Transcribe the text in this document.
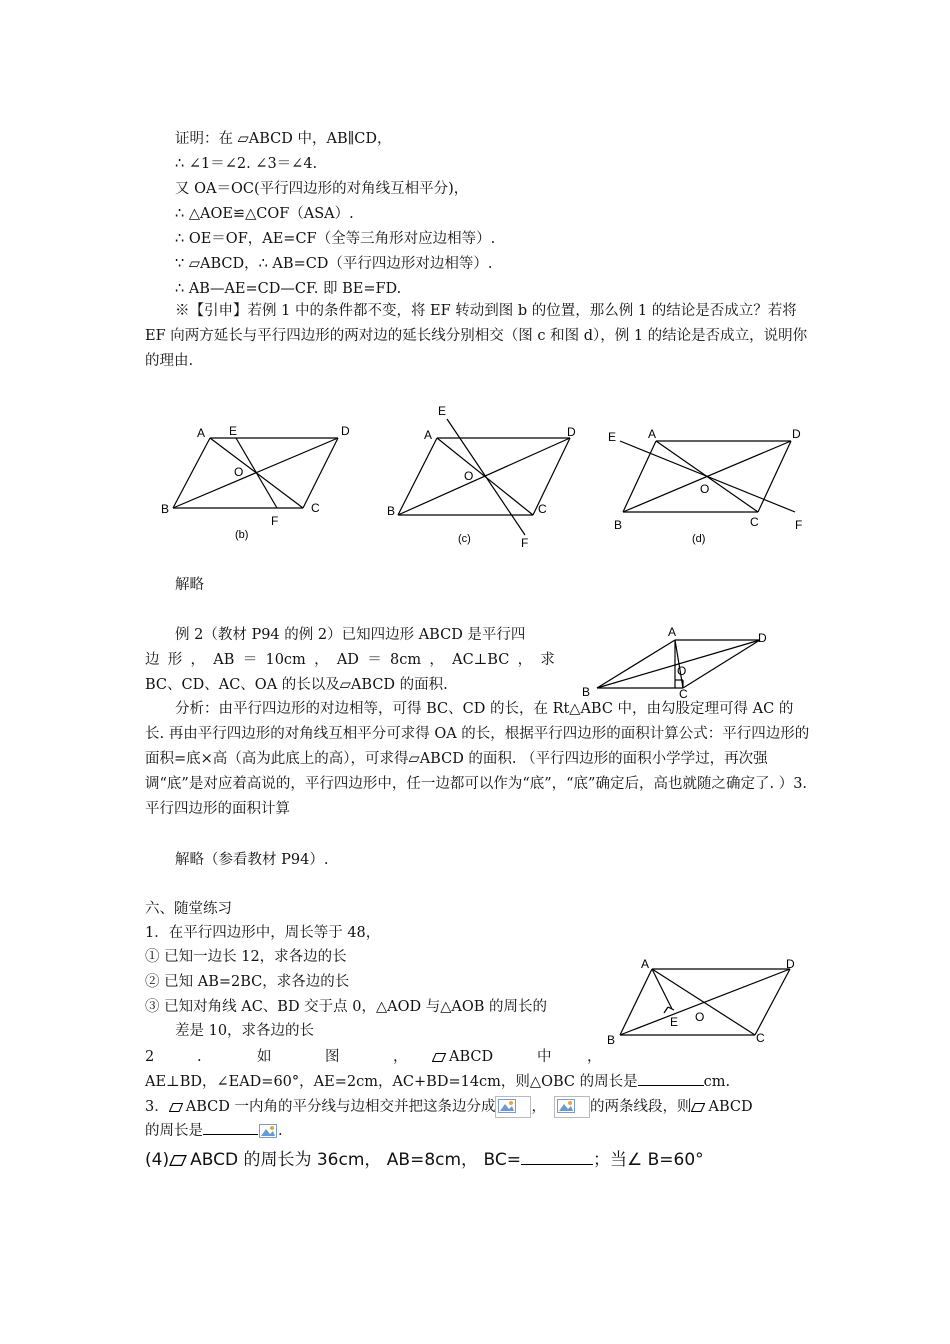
证明：在 ▱ABCD 中，AB∥CD，
∴ ∠1＝∠2. ∠3＝∠4.
又 OA＝OC(平行四边形的对角线互相平分)，
∴ △AOE≌△COF（ASA）.
∴ OE＝OF，AE=CF（全等三角形对应边相等）.
∵ ▱ABCD，∴ AB=CD（平行四边形对边相等）.
∴ AB—AE=CD—CF. 即 BE=FD.
※【引申】若例 1 中的条件都不变，将 EF 转动到图 b 的位置，那么例 1 的结论是否成立？若将 EF 向两方延长与平行四边形的两对边的延长线分别相交（图 c 和图 d），例 1 的结论是否成立，说明你的理由.
A E	D
O
B
F
C
(b)
E
A	D
O
B	C
F
(c)
E	A	D
O
B	C	F
(d)
解略
例 2（教材 P94 的例 2）已知四边形 ABCD 是平行四
边 形 ， AB ＝ 10cm ， AD ＝ 8cm ， AC⊥BC ， 求
BC、CD、AC、OA 的长以及▱ABCD 的面积.
A	D
O
B	C
分析：由平行四边形的对边相等，可得 BC、CD 的长，在 Rt△ABC 中，由勾股定理可得 AC 的长. 再由平行四边形的对角线互相平分可求得 OA 的长，根据平行四边形的面积计算公式：平行四边形的面积=底×高（高为此底上的高），可求得▱ABCD 的面积. （平行四边形的面积小学学过，再次强调“底”是对应着高说的，平行四边形中，任一边都可以作为“底”，“底”确定后，高也就随之确定了. ）3.平行四边形的面积计算
解略（参看教材 P94）.
六、随堂练习
1．在平行四边形中，周长等于 48，
① 已知一边长 12，求各边的长
② 已知 AB=2BC，求各边的长
③ 已知对角线 AC、BD 交于点 0，△AOD 与△AOB 的周长的
差是 10，求各边的长
A	D
E O
B	C
2	.	如	图	，	ABCD	中 ，
AE⊥BD，∠EAD=60°，AE=2cm，AC+BD=14cm，则△OBC 的周长是	cm.
3． ABCD 一内角的平分线与边相交并把这条边分成 ，	的两条线段，则 ABCD
的周长是	.
(4) ABCD 的周长为 36cm， AB=8cm， BC=	；当∠ B=60°
